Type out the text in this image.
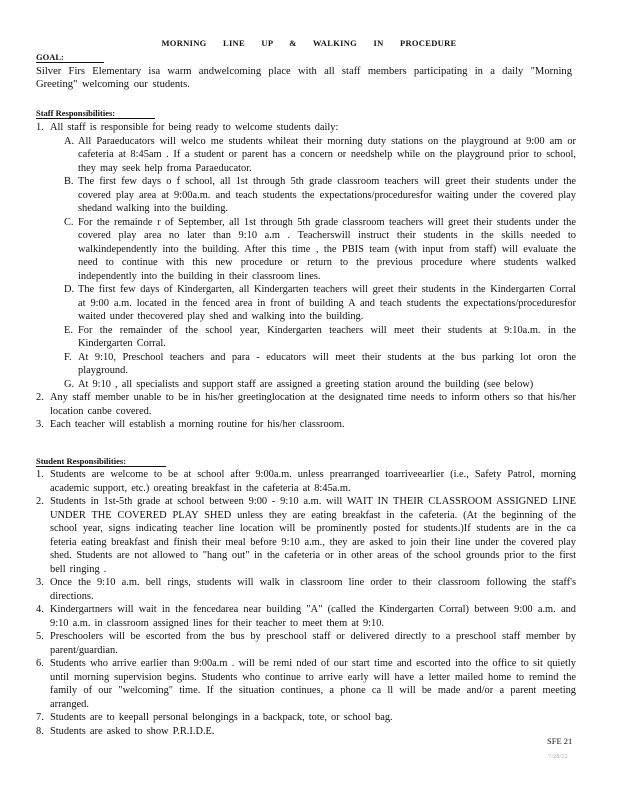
MORNING LINE UP & WALKING IN PROCEDURE
GOAL:
Silver Firs Elementary isa warm andwelcoming place with all staff members participating in a daily "Morning Greeting" welcoming our students.
Staff Responsibilities:
1. All staff is responsible for being ready to welcome students daily:
A. All Paraeducators will welco me students whileat their morning duty stations on the playground at 9:00 am or cafeteria at 8:45am . If a student or parent has a concern or needshelp while on the playground prior to school, they may seek help froma Paraeducator.
B. The first few days o f school, all 1st through 5th grade classroom teachers will greet their students under the covered play area at 9:00a.m. and teach students the expectations/proceduresfor waiting under the covered play shedand walking into the building.
C. For the remainde r of September, all 1st through 5th grade classroom teachers will greet their students under the covered play area no later than 9:10 a.m . Teacherswill instruct their students in the skills needed to walkindependently into the building. After this time , the PBIS team (with input from staff) will evaluate the need to continue with this new procedure or return to the previous procedure where students walked independently into the building in their classroom lines.
D. The first few days of Kindergarten, all Kindergarten teachers will greet their students in the Kindergarten Corral at 9:00 a.m. located in the fenced area in front of building A and teach students the expectations/proceduresfor waited under thecovered play shed and walking into the building.
E. For the remainder of the school year, Kindergarten teachers will meet their students at 9:10a.m. in the Kindergarten Corral.
F. At 9:10, Preschool teachers and para - educators will meet their students at the bus parking lot oron the playground.
G. At 9:10 , all specialists and support staff are assigned a greeting station around the building (see below)
2. Any staff member unable to be in his/her greetinglocation at the designated time needs to inform others so that his/her location canbe covered.
3. Each teacher will establish a morning routine for his/her classroom.
Student Responsibilities:
1. Students are welcome to be at school after 9:00a.m. unless prearranged toarriveearlier (i.e., Safety Patrol, morning academic support, etc.) oreating breakfast in the cafeteria at 8:45a.m.
2. Students in 1st-5th grade at school between 9:00 - 9:10 a.m. will WAIT IN THEIR CLASSROOM ASSIGNED LINE UNDER THE COVERED PLAY SHED unless they are eating breakfast in the cafeteria. (At the beginning of the school year, signs indicating teacher line location will be prominently posted for students.)If students are in the ca feteria eating breakfast and finish their meal before 9:10 a.m., they are asked to join their line under the covered play shed. Students are not allowed to "hang out" in the cafeteria or in other areas of the school grounds prior to the first bell ringing .
3. Once the 9:10 a.m. bell rings, students will walk in classroom line order to their classroom following the staff's directions.
4. Kindergartners will wait in the fencedarea near building "A" (called the Kindergarten Corral) between 9:00 a.m. and 9:10 a.m. in classroom assigned lines for their teacher to meet them at 9:10.
5. Preschoolers will be escorted from the bus by preschool staff or delivered directly to a preschool staff member by parent/guardian.
6. Students who arrive earlier than 9:00a.m . will be remi nded of our start time and escorted into the office to sit quietly until morning supervision begins. Students who continue to arrive early will have a letter mailed home to remind the family of our "welcoming" time. If the situation continues, a phone ca ll will be made and/or a parent meeting arranged.
7. Students are to keepall personal belongings in a backpack, tote, or school bag.
8. Students are asked to show P.R.I.D.E.
SFE 21
7/28/22
